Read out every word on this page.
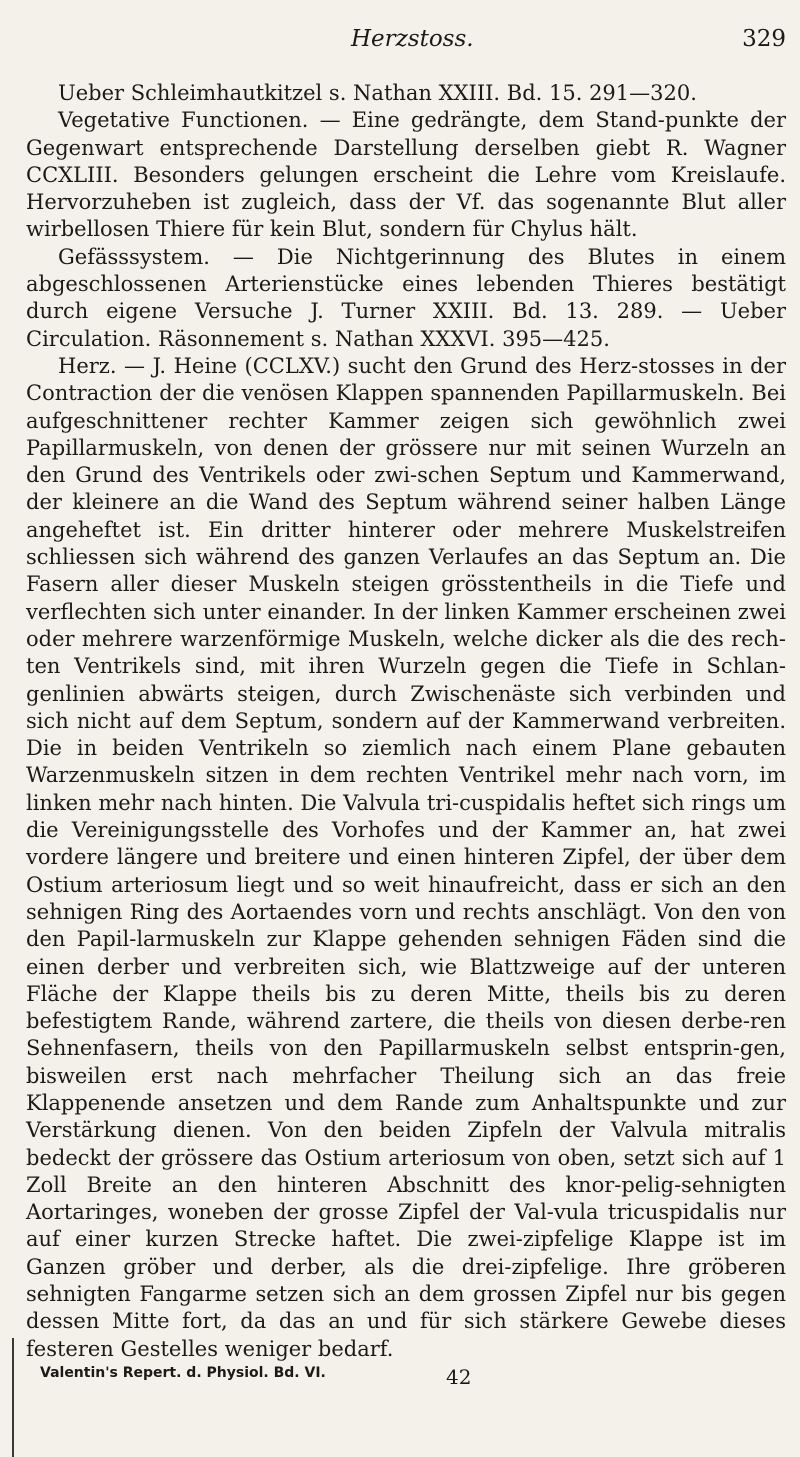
Herzstoss.	329

Ueber Schleimhautkitzel s. Nathan XXIII. Bd. 15. 291—320.

Vegetative Functionen. — Eine gedrängte, dem Stand-punkte der Gegenwart entsprechende Darstellung derselben giebt R. Wagner CCXLIII. Besonders gelungen erscheint die Lehre vom Kreislaufe. Hervorzuheben ist zugleich, dass der Vf. das sogenannte Blut aller wirbellosen Thiere für kein Blut, sondern für Chylus hält.

Gefässsystem. — Die Nichtgerinnung des Blutes in einem abgeschlossenen Arterienstücke eines lebenden Thieres bestätigt durch eigene Versuche J. Turner XXIII. Bd. 13. 289. — Ueber Circulation. Räsonnement s. Nathan XXXVI. 395—425.

Herz. — J. Heine (CCLXV.) sucht den Grund des Herz-stosses in der Contraction der die venösen Klappen spannenden Papillarmuskeln. Bei aufgeschnittener rechter Kammer zeigen sich gewöhnlich zwei Papillarmuskeln, von denen der grössere nur mit seinen Wurzeln an den Grund des Ventrikels oder zwi-schen Septum und Kammerwand, der kleinere an die Wand des Septum während seiner halben Länge angeheftet ist. Ein dritter hinterer oder mehrere Muskelstreifen schliessen sich während des ganzen Verlaufes an das Septum an. Die Fasern aller dieser Muskeln steigen grösstentheils in die Tiefe und verflechten sich unter einander. In der linken Kammer erscheinen zwei oder mehrere warzenförmige Muskeln, welche dicker als die des rech-ten Ventrikels sind, mit ihren Wurzeln gegen die Tiefe in Schlan-genlinien abwärts steigen, durch Zwischenäste sich verbinden und sich nicht auf dem Septum, sondern auf der Kammerwand verbreiten. Die in beiden Ventrikeln so ziemlich nach einem Plane gebauten Warzenmuskeln sitzen in dem rechten Ventrikel mehr nach vorn, im linken mehr nach hinten. Die Valvula tri-cuspidalis heftet sich rings um die Vereinigungsstelle des Vorhofes und der Kammer an, hat zwei vordere längere und breitere und einen hinteren Zipfel, der über dem Ostium arteriosum liegt und so weit hinaufreicht, dass er sich an den sehnigen Ring des Aortaendes vorn und rechts anschlägt. Von den von den Papil-larmuskeln zur Klappe gehenden sehnigen Fäden sind die einen derber und verbreiten sich, wie Blattzweige auf der unteren Fläche der Klappe theils bis zu deren Mitte, theils bis zu deren befestigtem Rande, während zartere, die theils von diesen derbe-ren Sehnenfasern, theils von den Papillarmuskeln selbst entsprin-gen, bisweilen erst nach mehrfacher Theilung sich an das freie Klappenende ansetzen und dem Rande zum Anhaltspunkte und zur Verstärkung dienen. Von den beiden Zipfeln der Valvula mitralis bedeckt der grössere das Ostium arteriosum von oben, setzt sich auf 1 Zoll Breite an den hinteren Abschnitt des knor-pelig-sehnigten Aortaringes, woneben der grosse Zipfel der Val-vula tricuspidalis nur auf einer kurzen Strecke haftet. Die zwei-zipfelige Klappe ist im Ganzen gröber und derber, als die drei-zipfelige. Ihre gröberen sehnigten Fangarme setzen sich an dem grossen Zipfel nur bis gegen dessen Mitte fort, da das an und für sich stärkere Gewebe dieses festeren Gestelles weniger bedarf.

Valentin's Repert. d. Physiol. Bd. VI.	42
